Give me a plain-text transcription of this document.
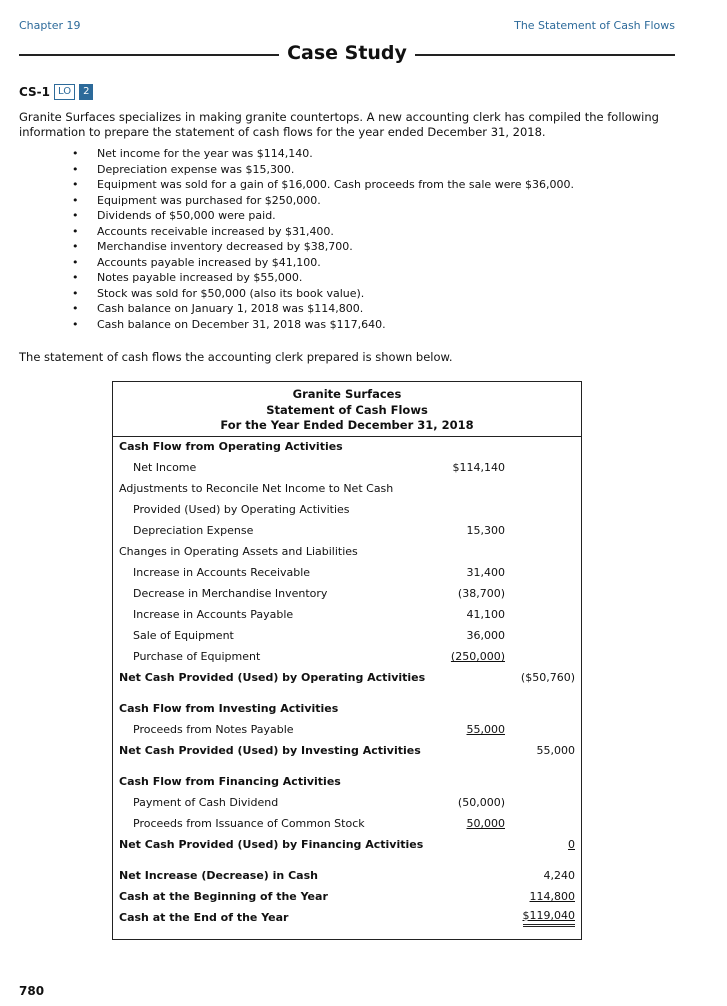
Chapter 19	The Statement of Cash Flows
Case Study
CS-1 LO	2

Granite Surfaces specializes in making granite countertops. A new accounting clerk has compiled the following information to prepare the statement of cash flows for the year ended December 31, 2018.

•	Net income for the year was $114,140.
•	Depreciation expense was $15,300.
•	Equipment was sold for a gain of $16,000. Cash proceeds from the sale were $36,000.
•	Equipment was purchased for $250,000.
•	Dividends of $50,000 were paid.
•	Accounts receivable increased by $31,400.
•	Merchandise inventory decreased by $38,700.
•	Accounts payable increased by $41,100.
•	Notes payable increased by $55,000.
•	Stock was sold for $50,000 (also its book value).
•	Cash balance on January 1, 2018 was $114,800.
•	Cash balance on December 31, 2018 was $117,640.

The statement of cash flows the accounting clerk prepared is shown below.

Granite Surfaces
Statement of Cash Flows
For the Year Ended December 31, 2018
Cash Flow from Operating Activities
Net Income	$114,140
Adjustments to Reconcile Net Income to Net Cash
Provided (Used) by Operating Activities
Depreciation Expense	15,300
Changes in Operating Assets and Liabilities
Increase in Accounts Receivable	31,400
Decrease in Merchandise Inventory	(38,700)
Increase in Accounts Payable	41,100
Sale of Equipment	36,000
Purchase of Equipment	(250,000)
Net Cash Provided (Used) by Operating Activities	($50,760)
Cash Flow from Investing Activities
Proceeds from Notes Payable	55,000
Net Cash Provided (Used) by Investing Activities	55,000
Cash Flow from Financing Activities
Payment of Cash Dividend	(50,000)
Proceeds from Issuance of Common Stock	50,000
Net Cash Provided (Used) by Financing Activities	0
Net Increase (Decrease) in Cash	4,240
Cash at the Beginning of the Year	114,800
Cash at the End of the Year	$119,040
780
